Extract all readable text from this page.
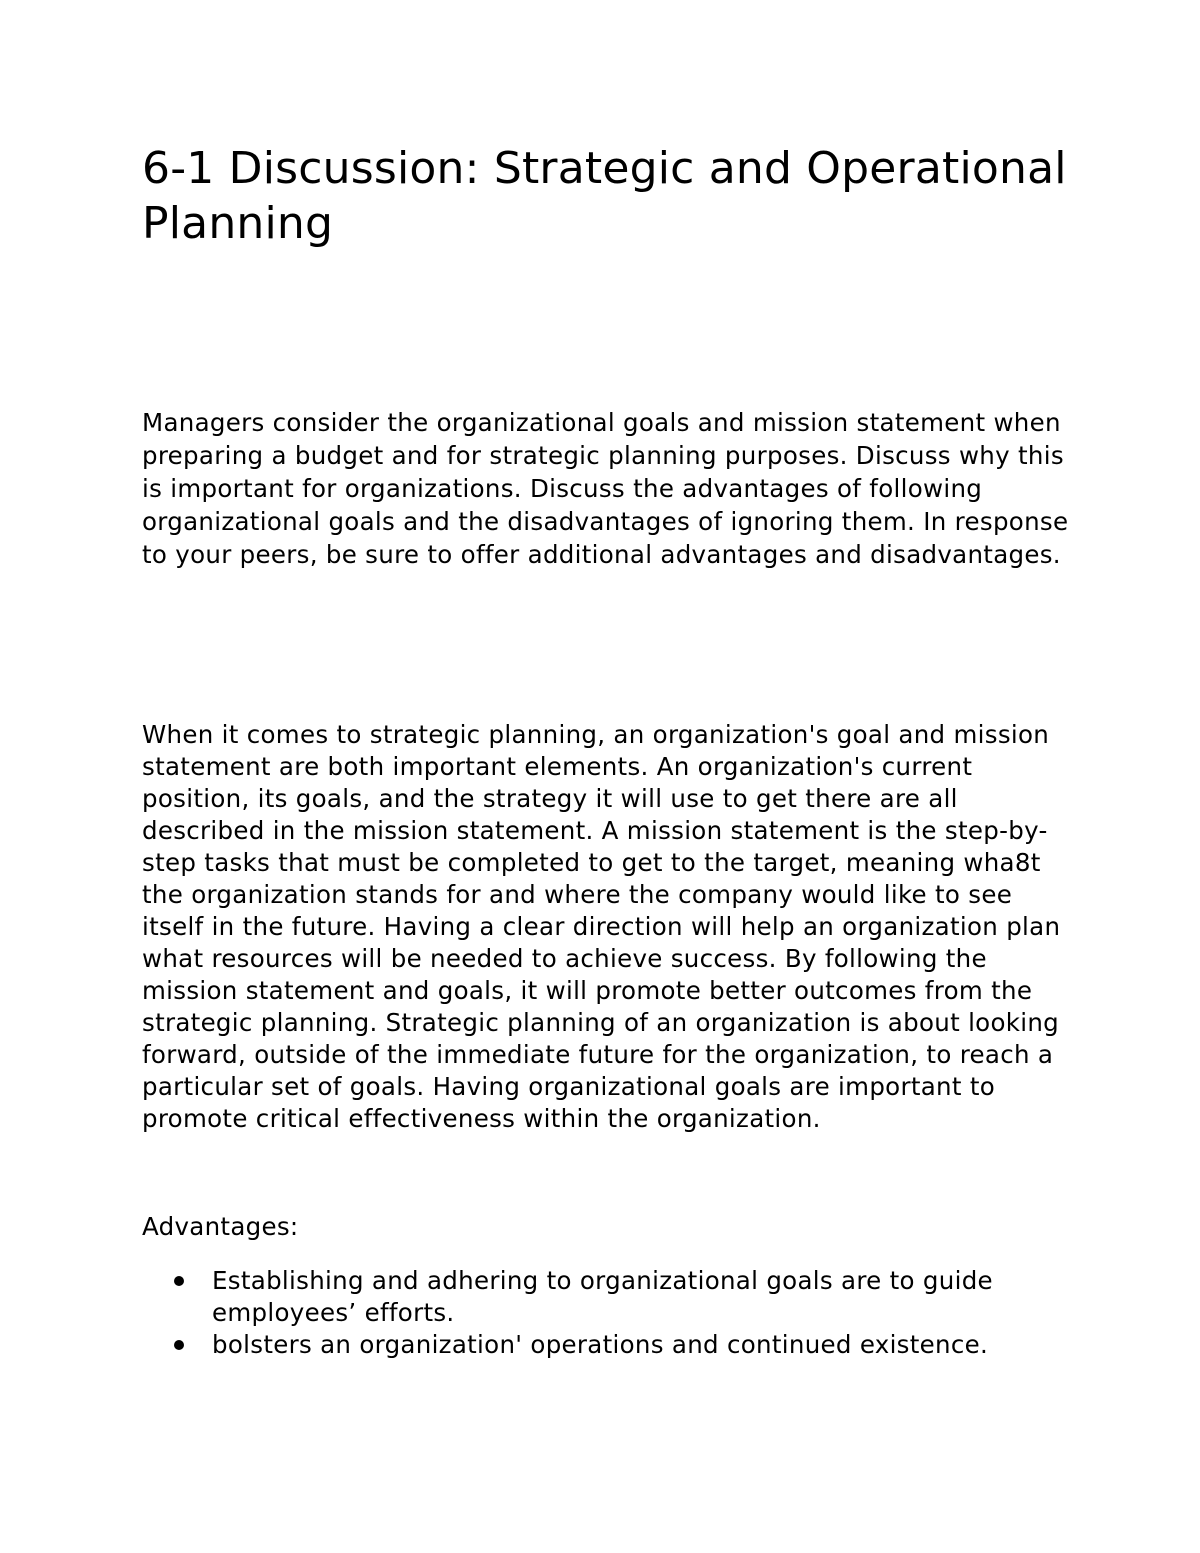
6-1 Discussion: Strategic and Operational Planning

Managers consider the organizational goals and mission statement when preparing a budget and for strategic planning purposes. Discuss why this is important for organizations. Discuss the advantages of following organizational goals and the disadvantages of ignoring them. In response to your peers, be sure to offer additional advantages and disadvantages.

When it comes to strategic planning, an organization's goal and mission statement are both important elements. An organization's current position, its goals, and the strategy it will use to get there are all described in the mission statement. A mission statement is the step-by-step tasks that must be completed to get to the target, meaning wha8t the organization stands for and where the company would like to see itself in the future. Having a clear direction will help an organization plan what resources will be needed to achieve success. By following the mission statement and goals, it will promote better outcomes from the strategic planning. Strategic planning of an organization is about looking forward, outside of the immediate future for the organization, to reach a particular set of goals. Having organizational goals are important to promote critical effectiveness within the organization.

Advantages:

Establishing and adhering to organizational goals are to guide employees’ efforts.
bolsters an organization' operations and continued existence.
